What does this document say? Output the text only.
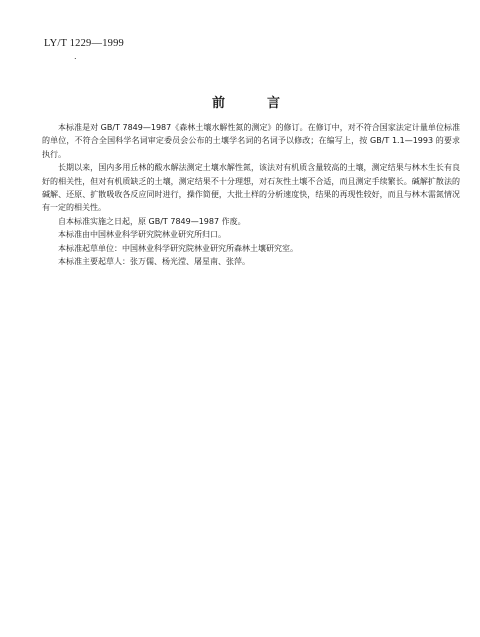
LY/T 1229—1999
.
前言

本标准是对 GB/T 7849—1987《森林土壤水解性氮的测定》的修订。在修订中，对不符合国家法定计量单位标准的单位，不符合全国科学名词审定委员会公布的土壤学名词的名词予以修改；在编写上，按 GB/T 1.1—1993 的要求执行。

长期以来，国内多用丘林的酸水解法测定土壤水解性氮，该法对有机质含量较高的土壤，测定结果与林木生长有良好的相关性，但对有机质缺乏的土壤，测定结果不十分理想，对石灰性土壤不合适，而且测定手续繁长。碱解扩散法的碱解、还原、扩散吸收各反应同时进行，操作简便，大批土样的分析速度快，结果的再现性较好，而且与林木需氮情况有一定的相关性。

自本标准实施之日起，原 GB/T 7849—1987 作废。

本标准由中国林业科学研究院林业研究所归口。

本标准起草单位：中国林业科学研究院林业研究所森林土壤研究室。

本标准主要起草人：张万儒、杨光滢、屠星南、张萍。
